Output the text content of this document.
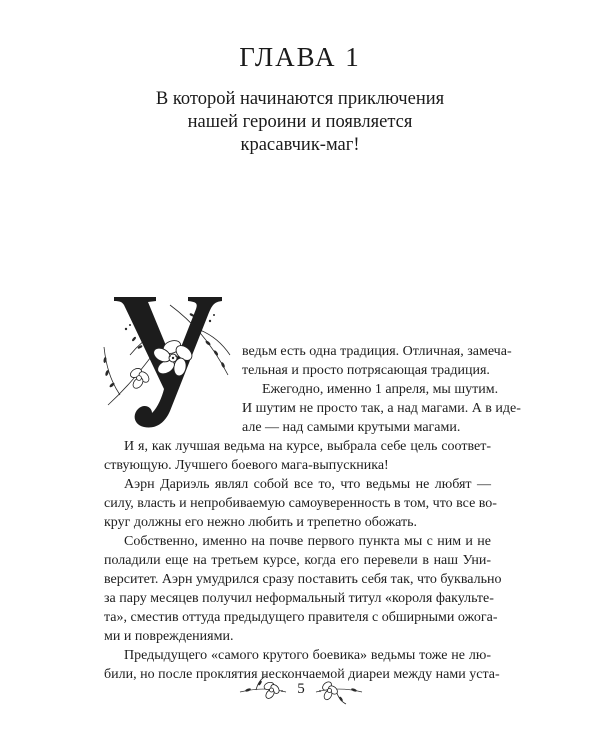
ГЛАВА 1
В которой начинаются приключения
нашей героини и появляется
красавчик-маг!
ведьм есть одна традиция. Отличная, замеча-
тельная и просто потрясающая традиция.
Ежегодно, именно 1 апреля, мы шутим.
И шутим не просто так, а над магами. А в иде-
але — над самыми крутыми магами.
И я, как лучшая ведьма на курсе, выбрала себе цель соответ-
ствующую. Лучшего боевого мага-выпускника!
Аэрн Дариэль являл собой все то, что ведьмы не любят —
силу, власть и непробиваемую самоуверенность в том, что все во-
круг должны его нежно любить и трепетно обожать.
Собственно, именно на почве первого пункта мы с ним и не
поладили еще на третьем курсе, когда его перевели в наш Уни-
верситет. Аэрн умудрился сразу поставить себя так, что буквально
за пару месяцев получил неформальный титул «короля факульте-
та», сместив оттуда предыдущего правителя с обширными ожога-
ми и повреждениями.
Предыдущего «самого крутого боевика» ведьмы тоже не лю-
били, но после проклятия нескончаемой диареи между нами уста-
5
